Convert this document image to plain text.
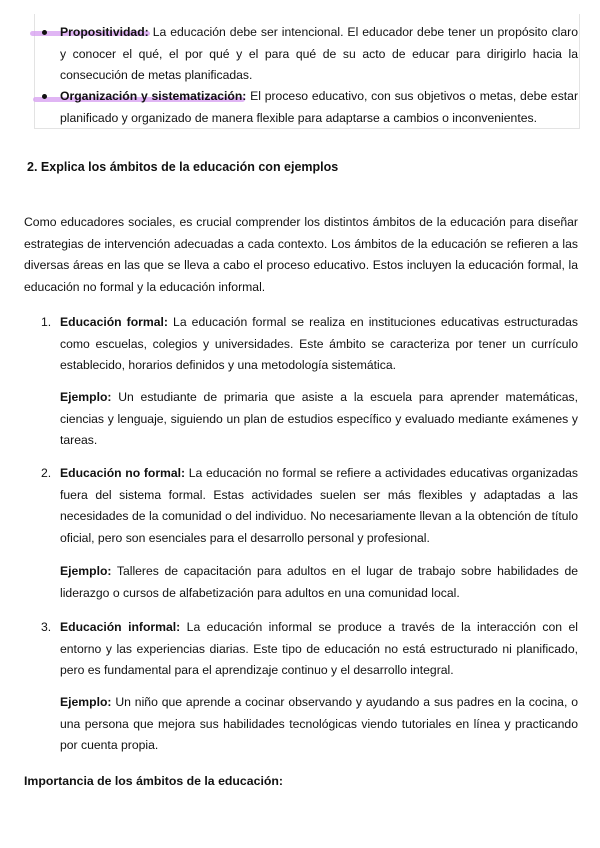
Propositividad: La educación debe ser intencional. El educador debe tener un propósito claro y conocer el qué, el por qué y el para qué de su acto de educar para dirigirlo hacia la consecución de metas planificadas.
Organización y sistematización: El proceso educativo, con sus objetivos o metas, debe estar planificado y organizado de manera flexible para adaptarse a cambios o inconvenientes.
2. Explica los ámbitos de la educación con ejemplos
Como educadores sociales, es crucial comprender los distintos ámbitos de la educación para diseñar estrategias de intervención adecuadas a cada contexto. Los ámbitos de la educación se refieren a las diversas áreas en las que se lleva a cabo el proceso educativo. Estos incluyen la educación formal, la educación no formal y la educación informal.
1. Educación formal: La educación formal se realiza en instituciones educativas estructuradas como escuelas, colegios y universidades. Este ámbito se caracteriza por tener un currículo establecido, horarios definidos y una metodología sistemática.
Ejemplo: Un estudiante de primaria que asiste a la escuela para aprender matemáticas, ciencias y lenguaje, siguiendo un plan de estudios específico y evaluado mediante exámenes y tareas.
2. Educación no formal: La educación no formal se refiere a actividades educativas organizadas fuera del sistema formal. Estas actividades suelen ser más flexibles y adaptadas a las necesidades de la comunidad o del individuo. No necesariamente llevan a la obtención de título oficial, pero son esenciales para el desarrollo personal y profesional.
Ejemplo: Talleres de capacitación para adultos en el lugar de trabajo sobre habilidades de liderazgo o cursos de alfabetización para adultos en una comunidad local.
3. Educación informal: La educación informal se produce a través de la interacción con el entorno y las experiencias diarias. Este tipo de educación no está estructurado ni planificado, pero es fundamental para el aprendizaje continuo y el desarrollo integral.
Ejemplo: Un niño que aprende a cocinar observando y ayudando a sus padres en la cocina, o una persona que mejora sus habilidades tecnológicas viendo tutoriales en línea y practicando por cuenta propia.
Importancia de los ámbitos de la educación:
